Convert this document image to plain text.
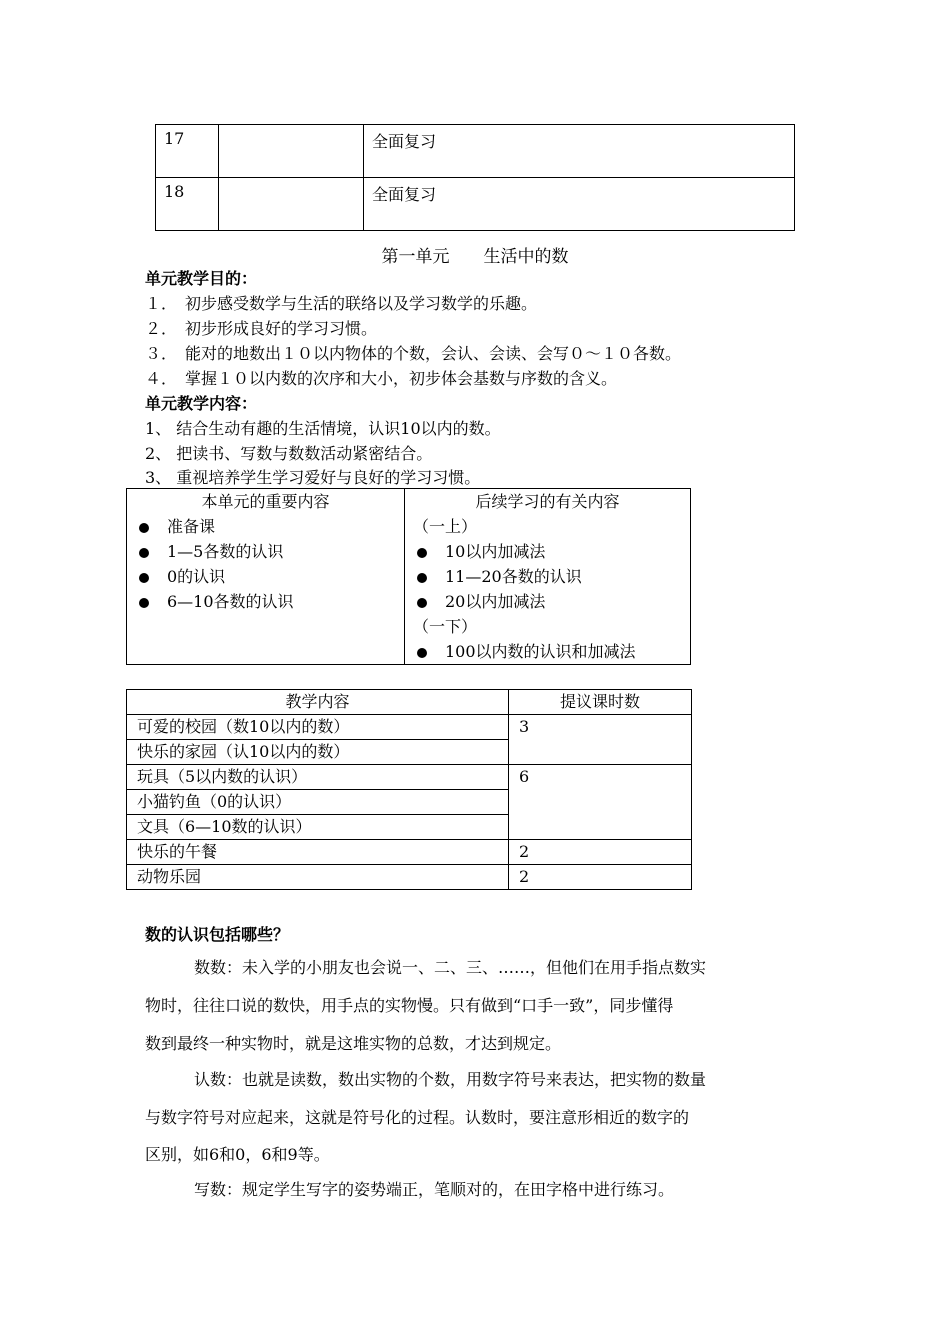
17		全面复习
18		全面复习
第一单元　　生活中的数
单元教学目的：
１．　初步感受数学与生活的联络以及学习数学的乐趣。
２．　初步形成良好的学习习惯。
３．　能对的地数出１０以内物体的个数，会认、会读、会写０～１０各数。
４．　掌握１０以内数的次序和大小，初步体会基数与序数的含义。
单元教学内容：
1、 结合生动有趣的生活情境，认识10以内的数。
2、 把读书、写数与数数活动紧密结合。
3、 重视培养学生学习爱好与良好的学习习惯。
本单元的重要内容
准备课
1—5各数的认识
0的认识
6—10各数的认识

后续学习的有关内容
（一上）
10以内加减法
11—20各数的认识
20以内加减法
（一下）
100以内数的认识和加减法
教学内容	提议课时数
可爱的校园（数10以内的数）	3
快乐的家园（认10以内的数）	
玩具（5以内数的认识）	6
小猫钓鱼（0的认识）	
文具（6—10数的认识）	
快乐的午餐	2
动物乐园	2
数的认识包括哪些？
数数：未入学的小朋友也会说一、二、三、……，但他们在用手指点数实
物时，往往口说的数快，用手点的实物慢。只有做到“口手一致”，同步懂得
数到最终一种实物时，就是这堆实物的总数，才达到规定。
认数：也就是读数，数出实物的个数，用数字符号来表达，把实物的数量
与数字符号对应起来，这就是符号化的过程。认数时，要注意形相近的数字的
区别，如6和0，6和9等。
写数：规定学生写字的姿势端正，笔顺对的，在田字格中进行练习。
